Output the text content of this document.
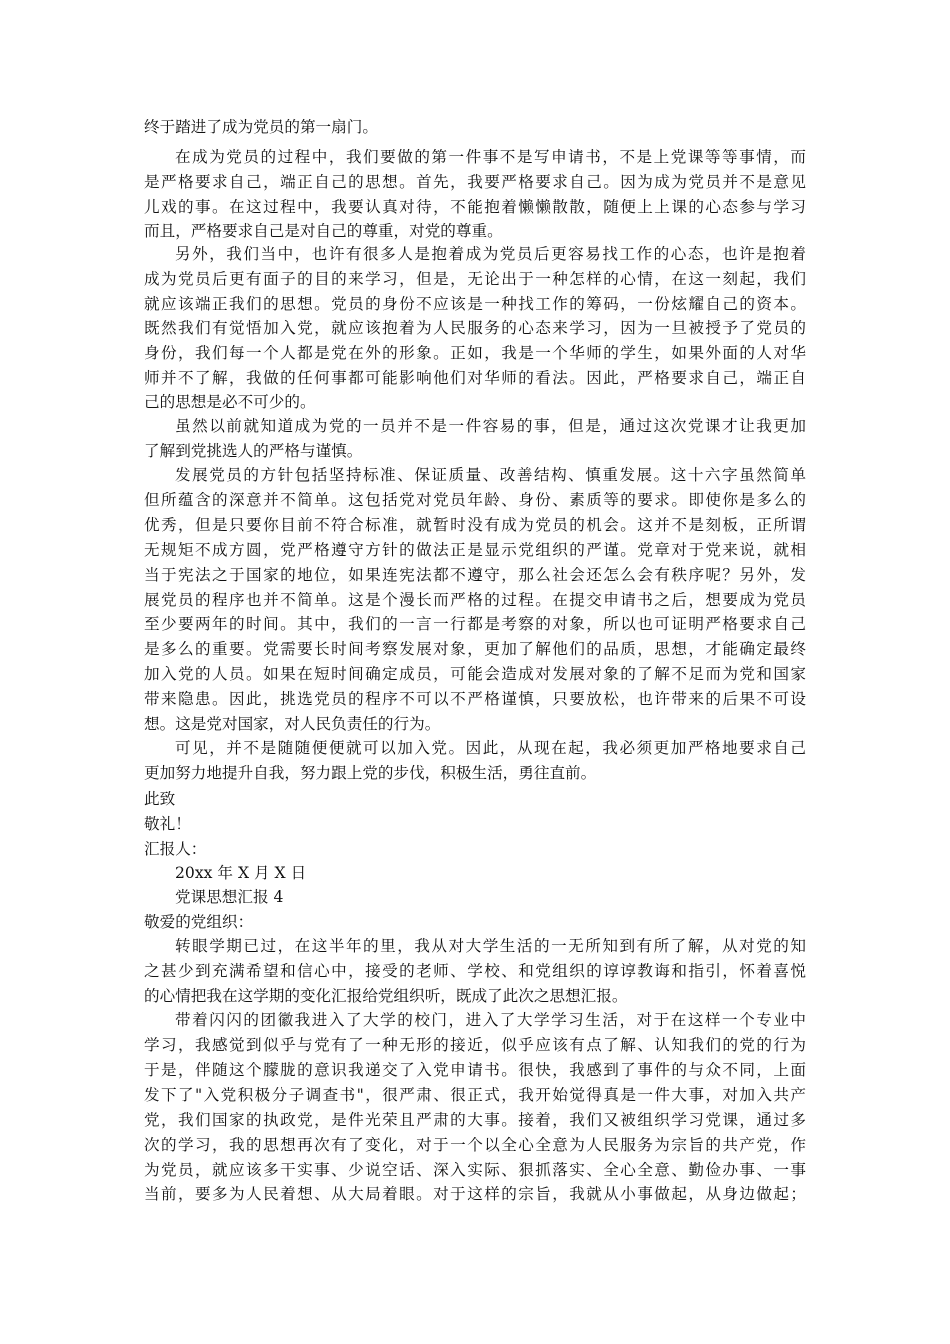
终于踏进了成为党员的第一扇门。
在成为党员的过程中，我们要做的第一件事不是写申请书，不是上党课等等事情，而
是严格要求自己，端正自己的思想。首先，我要严格要求自己。因为成为党员并不是意见
儿戏的事。在这过程中，我要认真对待，不能抱着懒懒散散，随便上上课的心态参与学习
而且，严格要求自己是对自己的尊重，对党的尊重。
另外，我们当中，也许有很多人是抱着成为党员后更容易找工作的心态，也许是抱着
成为党员后更有面子的目的来学习，但是，无论出于一种怎样的心情，在这一刻起，我们
就应该端正我们的思想。党员的身份不应该是一种找工作的筹码，一份炫耀自己的资本。
既然我们有觉悟加入党，就应该抱着为人民服务的心态来学习，因为一旦被授予了党员的
身份，我们每一个人都是党在外的形象。正如，我是一个华师的学生，如果外面的人对华
师并不了解，我做的任何事都可能影响他们对华师的看法。因此，严格要求自己，端正自
己的思想是必不可少的。
虽然以前就知道成为党的一员并不是一件容易的事，但是，通过这次党课才让我更加
了解到党挑选人的严格与谨慎。
发展党员的方针包括坚持标准、保证质量、改善结构、慎重发展。这十六字虽然简单
但所蕴含的深意并不简单。这包括党对党员年龄、身份、素质等的要求。即使你是多么的
优秀，但是只要你目前不符合标准，就暂时没有成为党员的机会。这并不是刻板，正所谓
无规矩不成方圆，党严格遵守方针的做法正是显示党组织的严谨。党章对于党来说，就相
当于宪法之于国家的地位，如果连宪法都不遵守，那么社会还怎么会有秩序呢？另外，发
展党员的程序也并不简单。这是个漫长而严格的过程。在提交申请书之后，想要成为党员
至少要两年的时间。其中，我们的一言一行都是考察的对象，所以也可证明严格要求自己
是多么的重要。党需要长时间考察发展对象，更加了解他们的品质，思想，才能确定最终
加入党的人员。如果在短时间确定成员，可能会造成对发展对象的了解不足而为党和国家
带来隐患。因此，挑选党员的程序不可以不严格谨慎，只要放松，也许带来的后果不可设
想。这是党对国家，对人民负责任的行为。
可见，并不是随随便便就可以加入党。因此，从现在起，我必须更加严格地要求自己
更加努力地提升自我，努力跟上党的步伐，积极生活，勇往直前。
此致
敬礼！
汇报人：
20xx 年 X 月 X 日
党课思想汇报 4
敬爱的党组织：
转眼学期已过，在这半年的里，我从对大学生活的一无所知到有所了解，从对党的知
之甚少到充满希望和信心中，接受的老师、学校、和党组织的谆谆教诲和指引，怀着喜悦
的心情把我在这学期的变化汇报给党组织听，既成了此次之思想汇报。
带着闪闪的团徽我进入了大学的校门，进入了大学学习生活，对于在这样一个专业中
学习，我感觉到似乎与党有了一种无形的接近，似乎应该有点了解、认知我们的党的行为
于是，伴随这个朦胧的意识我递交了入党申请书。很快，我感到了事件的与众不同，上面
发下了"入党积极分子调查书"，很严肃、很正式，我开始觉得真是一件大事，对加入共产
党，我们国家的执政党，是件光荣且严肃的大事。接着，我们又被组织学习党课，通过多
次的学习，我的思想再次有了变化，对于一个以全心全意为人民服务为宗旨的共产党，作
为党员，就应该多干实事、少说空话、深入实际、狠抓落实、全心全意、勤俭办事、一事
当前，要多为人民着想、从大局着眼。对于这样的宗旨，我就从小事做起，从身边做起；
